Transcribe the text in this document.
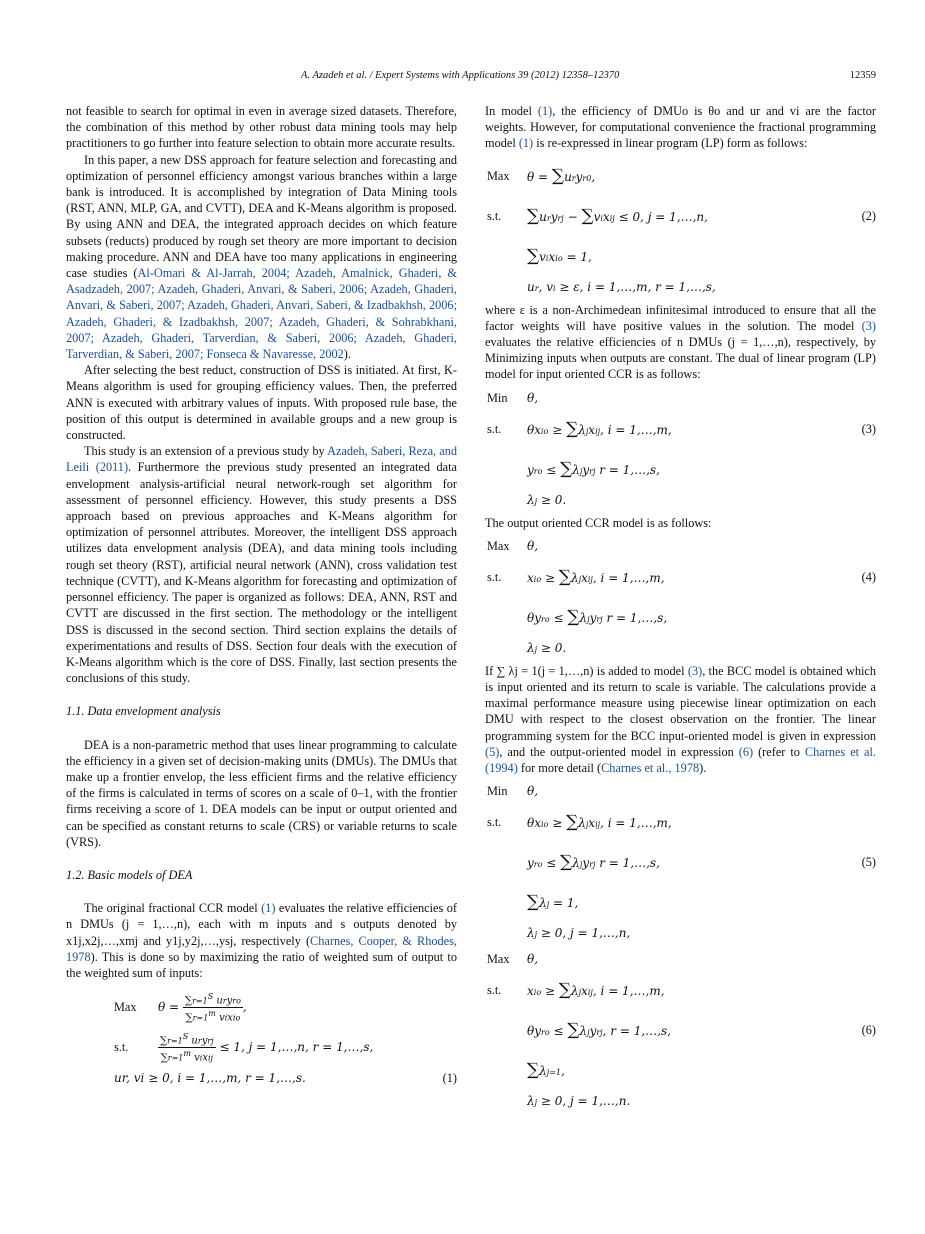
A. Azadeh et al. / Expert Systems with Applications 39 (2012) 12358–12370	12359

not feasible to search for optimal in even in average sized datasets. Therefore, the combination of this method by other robust data mining tools may help practitioners to go further into feature selection to obtain more accurate results.

In this paper, a new DSS approach for feature selection and forecasting and optimization of personnel efficiency amongst various branches within a large bank is introduced. It is accomplished by integration of Data Mining tools (RST, ANN, MLP, GA, and CVTT), DEA and K-Means algorithm is proposed. By using ANN and DEA, the integrated approach decides on which feature subsets (reducts) produced by rough set theory are more important to decision making procedure. ANN and DEA have too many applications in engineering case studies (Al-Omari & Al-Jarrah, 2004; Azadeh, Amalnick, Ghaderi, & Asadzadeh, 2007; Azadeh, Ghaderi, Anvari, & Saberi, 2006; Azadeh, Ghaderi, Anvari, & Saberi, 2007; Azadeh, Ghaderi, Anvari, Saberi, & Izadbakhsh, 2006; Azadeh, Ghaderi, & Izadbakhsh, 2007; Azadeh, Ghaderi, & Sohrabkhani, 2007; Azadeh, Ghaderi, Tarverdian, & Saberi, 2006; Azadeh, Ghaderi, Tarverdian, & Saberi, 2007; Fonseca & Navaresse, 2002).

After selecting the best reduct, construction of DSS is initiated. At first, K-Means algorithm is used for grouping efficiency values. Then, the preferred ANN is executed with arbitrary values of inputs. With proposed rule base, the position of this output is determined in available groups and a new group is constructed.

This study is an extension of a previous study by Azadeh, Saberi, Reza, and Leili (2011). Furthermore the previous study presented an integrated data envelopment analysis-artificial neural network-rough set algorithm for assessment of personnel efficiency. However, this study presents a DSS approach based on previous approaches and K-Means algorithm for optimization of personnel attributes. Moreover, the intelligent DSS approach utilizes data envelopment analysis (DEA), and data mining tools including rough set theory (RST), artificial neural network (ANN), cross validation test technique (CVTT), and K-Means algorithm for forecasting and optimization of personnel efficiency. The paper is organized as follows: DEA, ANN, RST and CVTT are discussed in the first section. The methodology or the intelligent DSS is discussed in the second section. Third section explains the details of experimentations and results of DSS. Section four deals with the execution of K-Means algorithm which is the core of DSS. Finally, last section presents the conclusions of this study.

1.1. Data envelopment analysis

DEA is a non-parametric method that uses linear programming to calculate the efficiency in a given set of decision-making units (DMUs). The DMUs that make up a frontier envelop, the less efficient firms and the relative efficiency of the firms is calculated in terms of scores on a scale of 0–1, with the frontier firms receiving a score of 1. DEA models can be input or output oriented and can be specified as constant returns to scale (CRS) or variable returns to scale (VRS).

1.2. Basic models of DEA

The original fractional CCR model (1) evaluates the relative efficiencies of n DMUs (j = 1,…,n), each with m inputs and s outputs denoted by x1j,x2j,…,xmj and y1j,y2j,…,ysj, respectively (Charnes, Cooper, & Rhodes, 1978). This is done so by maximizing the ratio of weighted sum of output to the weighted sum of inputs:

Max $\theta = \frac{\sum r=1^S uryro}{\sum r=1^m vixio}$ ,
s.t.	$\frac{\sum r=1^S uryrj}{\sum r=1^m vixij} \le 1$, j = 1,…,n, r = 1,…,s,
ur, vi ≥ 0, i = 1,…,m, r = 1,…,s.	(1)

In model (1), the efficiency of DMUo is θo and ur and vi are the factor weights. However, for computational convenience the fractional programming model (1) is re-expressed in linear program (LP) form as follows:

Max θ = ∑uryr0,
s.t. ∑uryrj − ∑vixij ≤ 0, j = 1,…,n,	(2)
∑vixio = 1,
ur, vi ≥ ε, i = 1,…,m, r = 1,…,s,

where ε is a non-Archimedean infinitesimal introduced to ensure that all the factor weights will have positive values in the solution. The model (3) evaluates the relative efficiencies of n DMUs (j = 1,…,n), respectively, by Minimizing inputs when outputs are constant. The dual of linear program (LP) model for input oriented CCR is as follows:

Min θ,
s.t. θxio ≥ ∑λjxij, i = 1,…,m,	(3)
yro ≤ ∑λjyrj r = 1,…,s,
λj ≥ 0.

The output oriented CCR model is as follows:

Max θ,
s.t. xio ≥ ∑λjxij, i = 1,…,m,	(4)
θyro ≤ ∑λjyrj r = 1,…,s,
λj ≥ 0.

If ∑ λj = 1(j = 1,…,n) is added to model (3), the BCC model is obtained which is input oriented and its return to scale is variable. The calculations provide a maximal performance measure using piecewise linear optimization on each DMU with respect to the closest observation on the frontier. The linear programming system for the BCC input-oriented model is given in expression (5), and the output-oriented model in expression (6) (refer to Charnes et al. (1994) for more detail (Charnes et al., 1978).

Min θ,
s.t. θxio ≥ ∑λjxij, i = 1,…,m,
yro ≤ ∑λjyrj r = 1,…,s,	(5)
∑λj = 1,
λj ≥ 0, j = 1,…,n,
Max θ,
s.t. xio ≥ ∑λjxij, i = 1,…,m,
θyro ≤ ∑λjyrj, r = 1,…,s,	(6)
∑λj=1,
λj ≥ 0, j = 1,…,n.
